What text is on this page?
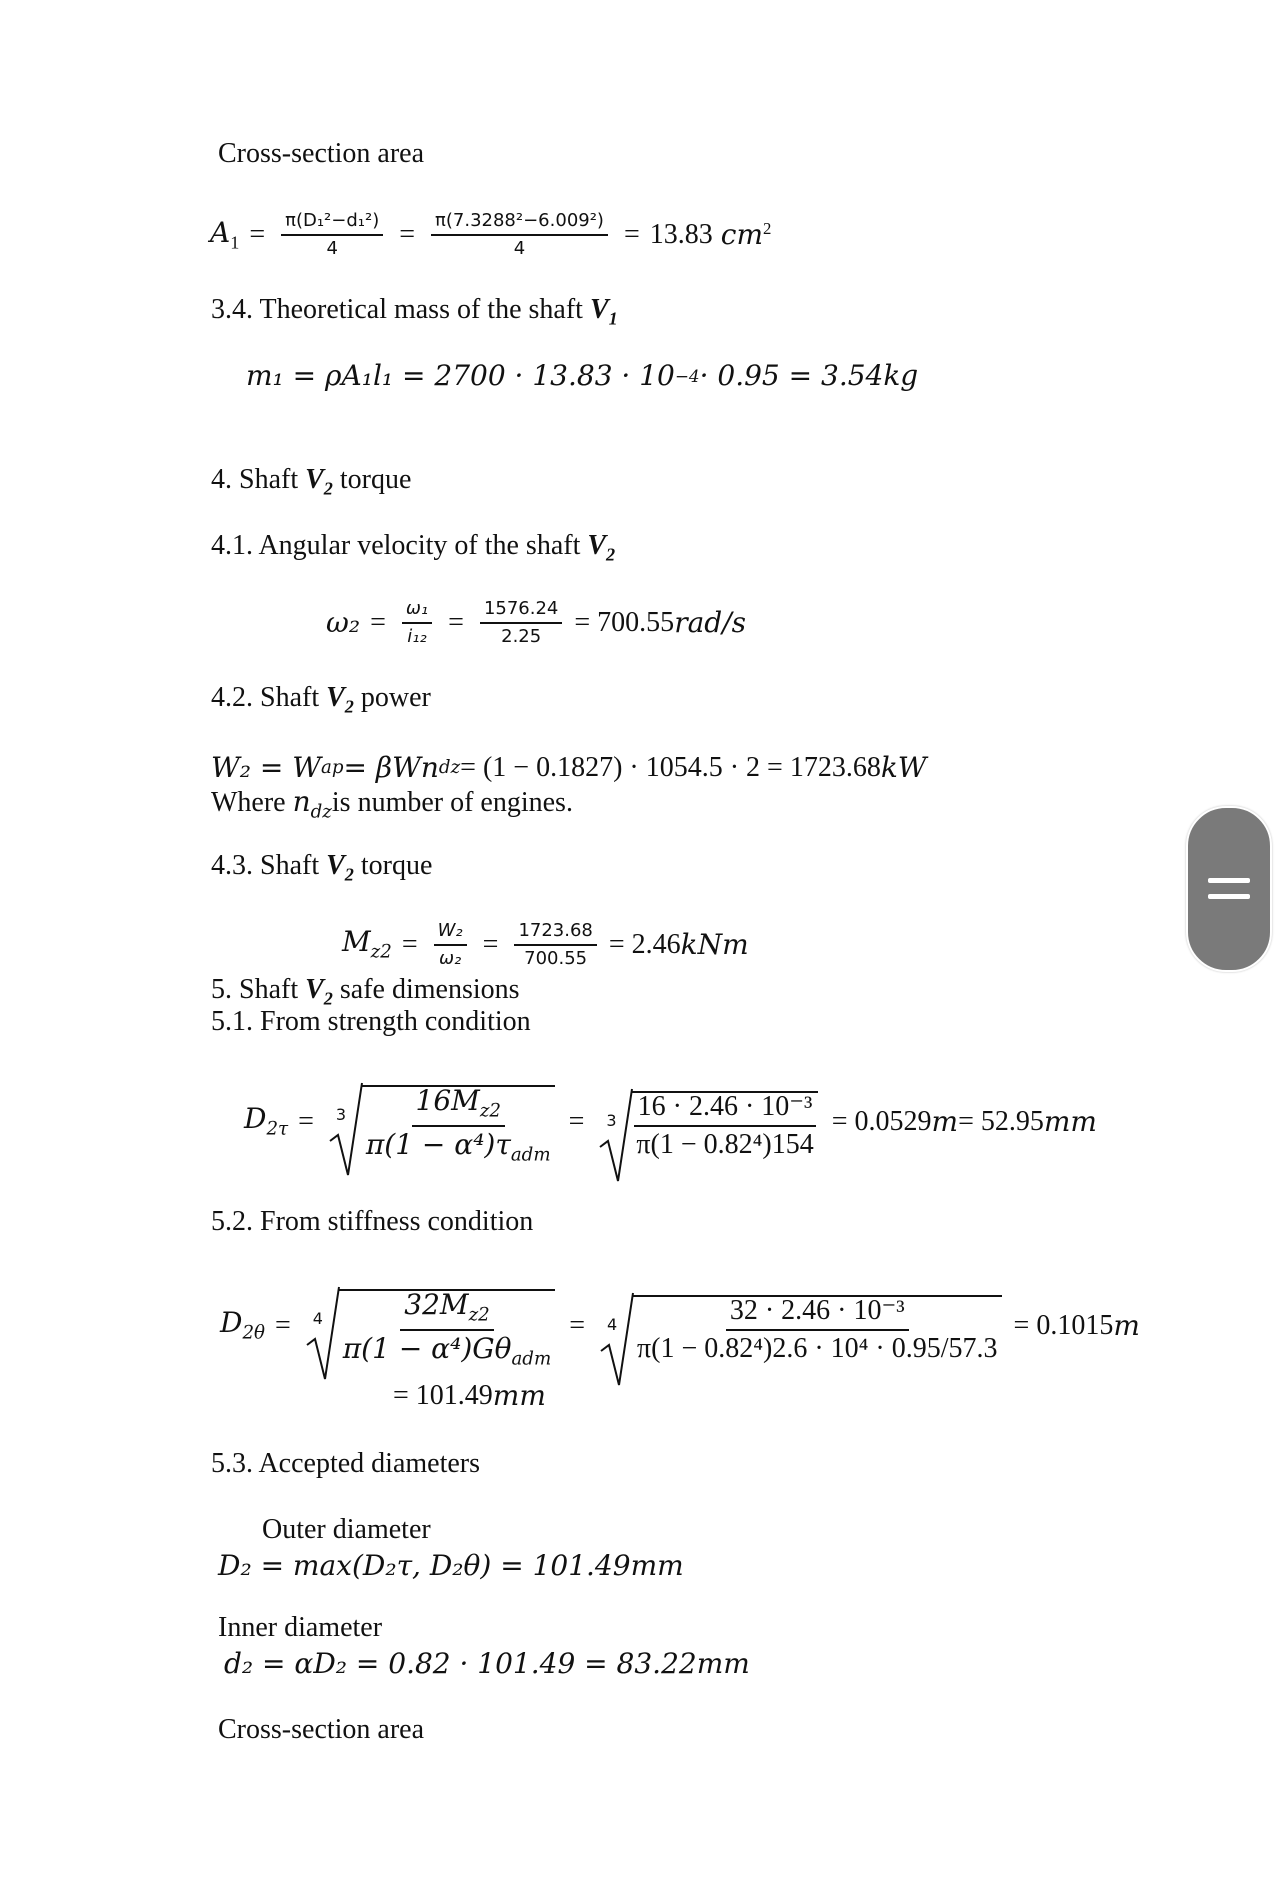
Cross-section area
$A_1 = \frac{\text{π(D₁²−d₁²)}}{4} = \frac{\text{π(7.3288²−6.009²)}}{4} = 13.83$ $cm^2$
3.4. Theoretical mass of the shaft $V_1$
m₁ = ρA₁l₁ = 2700 · 13.83 · 10 −4 · 0.95 = 3.54 kg
4. Shaft $V_2$ torque
4.1. Angular velocity of the shaft $V_2$
$\omega_2 = \frac{\text{ω₁}}{\text{i₁₂}} = \frac{1576.24}{2.25} = 700.55$ rad/s
4.2. Shaft $V_2$ power
W₂ = W ap = βWn dz = (1 − 0.1827) · 1054.5 · 2 = 1723.68 kW
Where $n_{dz}is$ number of engines.
4.3. Shaft $V_2$ torque
$M_{z2} = \frac{\text{W₂}}{\text{ω₂}} = \frac{1723.68}{700.55} = 2.46$ kNm
5. Shaft $V_2$ safe dimensions
5.1. From strength condition
$D_{2\tau} = 3 \frac{16M_{z2}}{\pi(1 - \alpha^4)\tau_{adm}} = 3 \frac{\text{16 · 2.46 · 10⁻³}}{\text{π(1 − 0.82⁴)154}} = 0.0529$ m = 52.95 mm
5.2. From stiffness condition
$D_{2\theta} = 4 \frac{32M_{z2}}{\pi(1 - \alpha^4)G\theta_{adm}} = 4 \frac{\text{32 · 2.46 · 10⁻³}}{\text{π(1 − 0.82⁴)2.6 · 10⁴ · 0.95/57.3}} = 0.1015$ m
= 101.49 mm
5.3. Accepted diameters
Outer diameter
D₂ = max(D₂τ, D₂θ) = 101.49 mm
Inner diameter
d₂ = αD₂ = 0.82 · 101.49 = 83.22 mm
Cross-section area
